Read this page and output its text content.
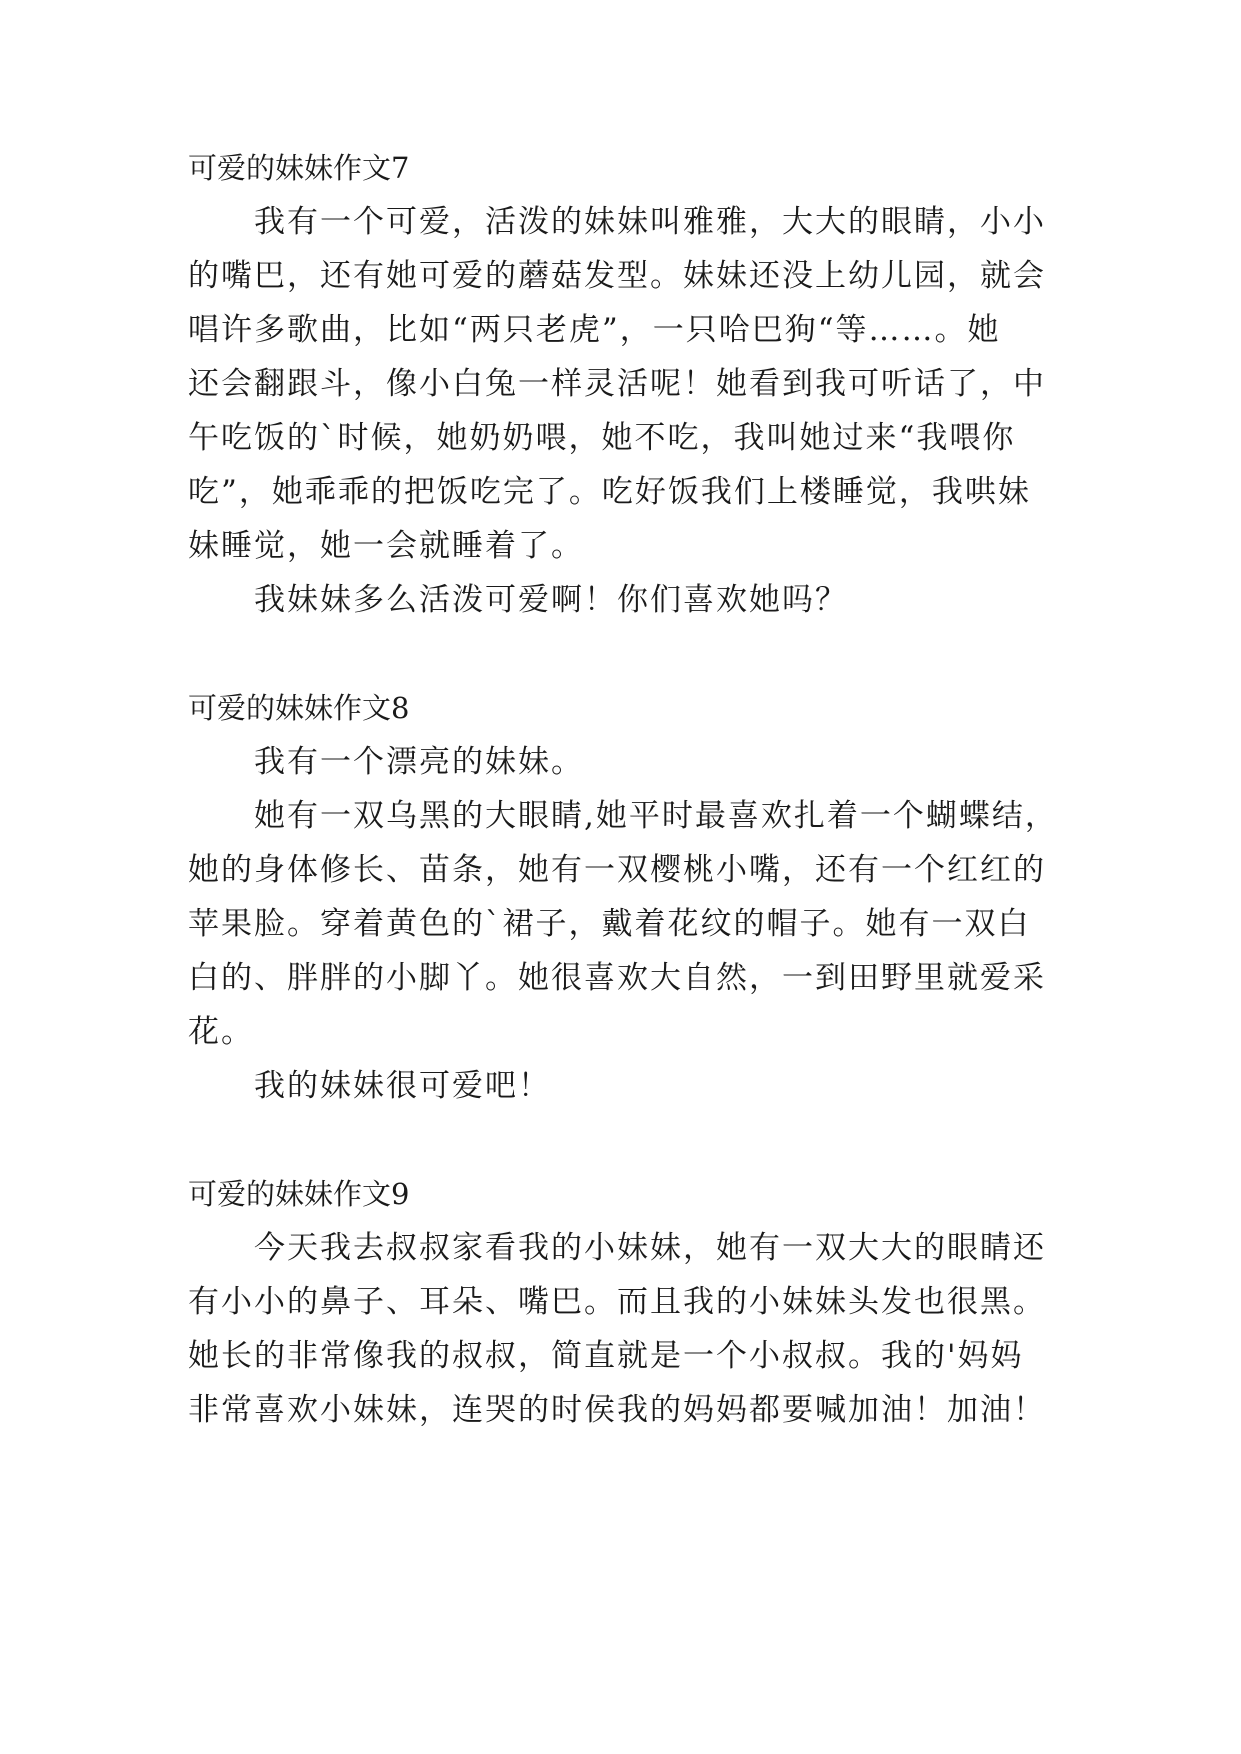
可爱的妹妹作文7
我有一个可爱，活泼的妹妹叫雅雅，大大的眼睛，小小
的嘴巴，还有她可爱的蘑菇发型。妹妹还没上幼儿园，就会
唱许多歌曲，比如“两只老虎”，一只哈巴狗“等……。她
还会翻跟斗，像小白兔一样灵活呢！她看到我可听话了，中
午吃饭的`时候，她奶奶喂，她不吃，我叫她过来“我喂你
吃”，她乖乖的把饭吃完了。吃好饭我们上楼睡觉，我哄妹
妹睡觉，她一会就睡着了。
我妹妹多么活泼可爱啊！你们喜欢她吗？
可爱的妹妹作文8
我有一个漂亮的妹妹。
她有一双乌黑的大眼睛,她平时最喜欢扎着一个蝴蝶结，
她的身体修长、苗条，她有一双樱桃小嘴，还有一个红红的
苹果脸。穿着黄色的`裙子，戴着花纹的帽子。她有一双白
白的、胖胖的小脚丫。她很喜欢大自然，一到田野里就爱采
花。
我的妹妹很可爱吧！
可爱的妹妹作文9
今天我去叔叔家看我的小妹妹，她有一双大大的眼睛还
有小小的鼻子、耳朵、嘴巴。而且我的小妹妹头发也很黑。
她长的非常像我的叔叔，简直就是一个小叔叔。我的'妈妈
非常喜欢小妹妹，连哭的时侯我的妈妈都要喊加油！加油！
